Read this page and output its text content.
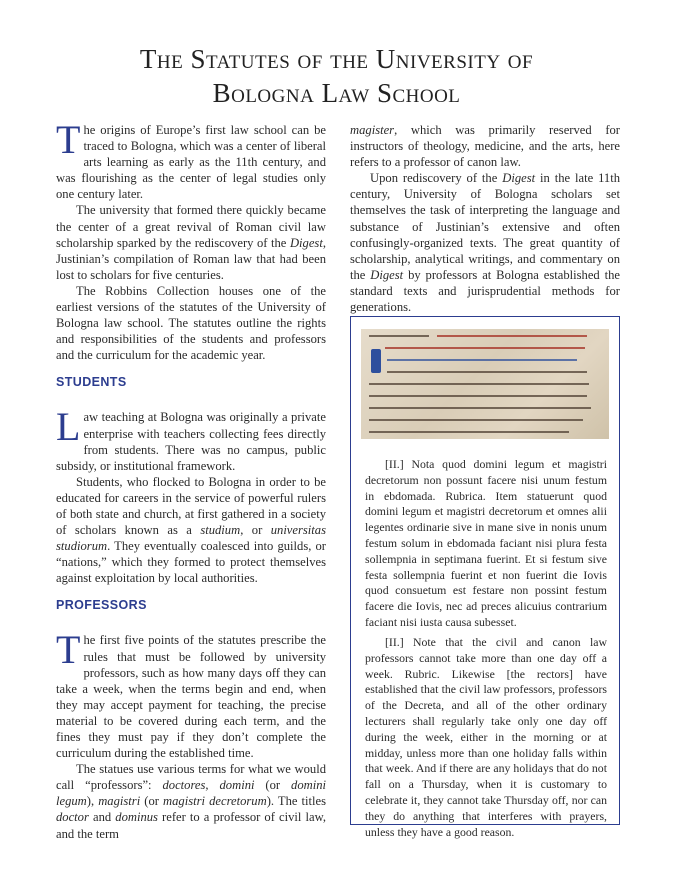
The Statutes of the University of
Bologna Law School

The origins of Europe’s first law school can be traced to Bologna, which was a center of liberal arts learning as early as the 11th century, and was flourishing as the center of legal studies only one century later.

The university that formed there quickly became the center of a great revival of Roman civil law scholarship sparked by the rediscovery of the Digest, Justinian’s compilation of Roman law that had been lost to scholars for five centuries.

The Robbins Collection houses one of the earliest versions of the statutes of the University of Bologna law school. The statutes outline the rights and responsibilities of the students and professors and the curriculum for the academic year.

STUDENTS

Law teaching at Bologna was originally a private enterprise with teachers collecting fees directly from students. There was no campus, public subsidy, or institutional framework.

Students, who flocked to Bologna in order to be educated for careers in the service of powerful rulers of both state and church, at first gathered in a society of scholars known as a studium, or universitas studiorum. They eventually coalesced into guilds, or “nations,” which they formed to protect themselves against exploitation by local authorities.

PROFESSORS

The first five points of the statutes prescribe the rules that must be followed by university professors, such as how many days off they can take a week, when the terms begin and end, when they may accept payment for teaching, the precise material to be covered during each term, and the fines they must pay if they don’t complete the curriculum during the established time.

The statues use various terms for what we would call “professors”: doctores, domini (or domini legum), magistri (or magistri decretorum). The titles doctor and dominus refer to a professor of civil law, and the term

magister, which was primarily reserved for instructors of theology, medicine, and the arts, here refers to a professor of canon law.

Upon rediscovery of the Digest in the late 11th century, University of Bologna scholars set themselves the task of interpreting the language and substance of Justinian’s extensive and often confusingly-organized texts. The great quantity of scholarship, analytical writings, and commentary on the Digest by professors at Bologna established the standard texts and jurisprudential methods for generations.

[II.] Nota quod domini legum et magistri decretorum non possunt facere nisi unum festum in ebdomada. Rubrica. Item statuerunt quod domini legum et magistri decretorum et omnes alii legentes ordinarie sive in mane sive in nonis unum festum solum in ebdomada faciant nisi plura festa sollempnia in septimana fuerint. Et si festum sive festa sollempnia fuerint et non fuerint die Iovis quod consuetum est festare non possint festum facere die Iovis, nec ad preces alicuius contrarium faciant nisi iusta causa subesset.

[II.] Note that the civil and canon law professors cannot take more than one day off a week. Rubric. Likewise [the rectors] have established that the civil law professors, professors of the Decreta, and all of the other ordinary lecturers shall regularly take only one day off during the week, either in the morning or at midday, unless more than one holiday falls within that week. And if there are any holidays that do not fall on a Thursday, when it is customary to celebrate it, they cannot take Thursday off, nor can they do anything that interferes with prayers, unless they have a good reason.
